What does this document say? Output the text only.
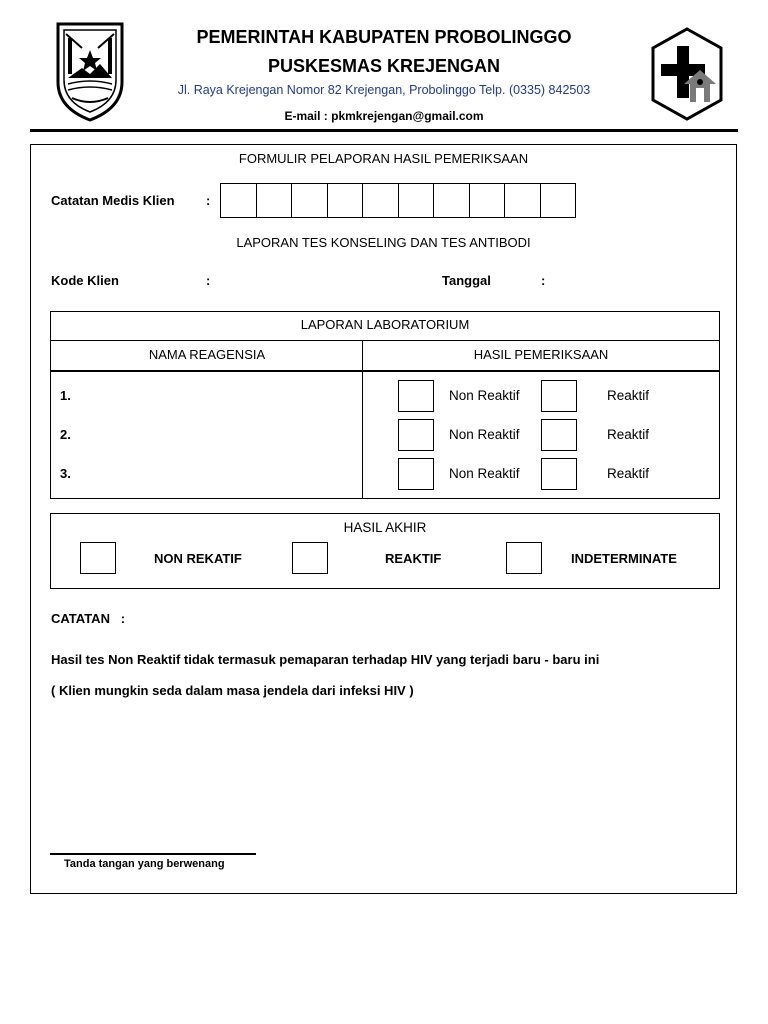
PEMERINTAH KABUPATEN PROBOLINGGO
PUSKESMAS KREJENGAN
Jl. Raya Krejengan Nomor 82 Krejengan, Probolinggo Telp. (0335) 842503
E-mail : pkmkrejengan@gmail.com
FORMULIR PELAPORAN HASIL PEMERIKSAAN
Catatan Medis Klien :

LAPORAN TES KONSELING DAN TES ANTIBODI
Kode Klien	:	Tanggal	:
LAPORAN LABORATORIUM
NAMA REAGENSIA	HASIL PEMERIKSAAN
1.	Non Reaktif	Reaktif
2.	Non Reaktif	Reaktif
3.	Non Reaktif	Reaktif
HASIL AKHIR
NON REKATIF	REAKTIF	INDETERMINATE
CATATAN   :
Hasil tes Non Reaktif tidak termasuk pemaparan terhadap HIV yang terjadi baru - baru ini
( Klien mungkin seda dalam masa jendela dari infeksi HIV )
Tanda tangan yang berwenang
